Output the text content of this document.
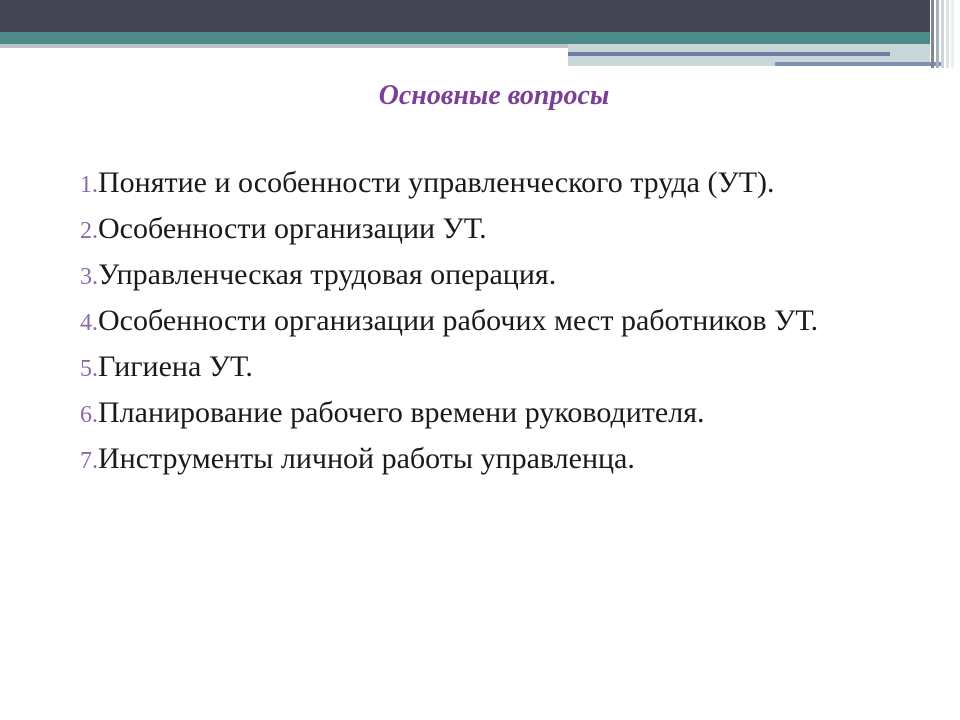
Основные вопросы
1.Понятие и особенности управленческого труда (УТ).
2.Особенности организации УТ.
3.Управленческая трудовая операция.
4.Особенности организации рабочих мест работников УТ.
5.Гигиена УТ.
6.Планирование рабочего времени руководителя.
7.Инструменты личной работы управленца.
